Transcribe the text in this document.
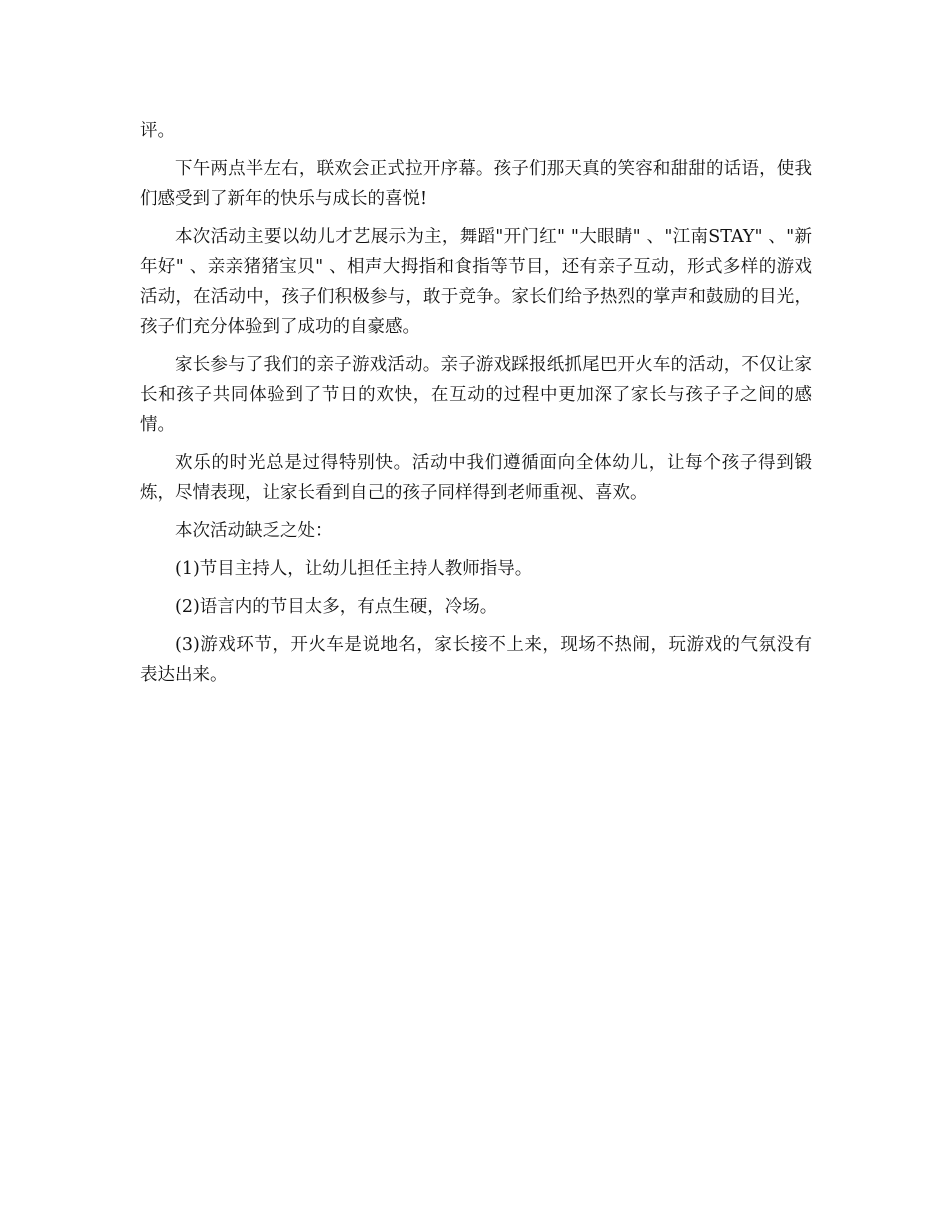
评。

下午两点半左右，联欢会正式拉开序幕。孩子们那天真的笑容和甜甜的话语，使我们感受到了新年的快乐与成长的喜悦!

本次活动主要以幼儿才艺展示为主，舞蹈"开门红" "大眼睛" 、"江南STAY" 、"新年好" 、亲亲猪猪宝贝" 、相声大拇指和食指等节目，还有亲子互动，形式多样的游戏活动，在活动中，孩子们积极参与，敢于竞争。家长们给予热烈的掌声和鼓励的目光，孩子们充分体验到了成功的自豪感。

家长参与了我们的亲子游戏活动。亲子游戏踩报纸抓尾巴开火车的活动，不仅让家长和孩子共同体验到了节日的欢快，在互动的过程中更加深了家长与孩子子之间的感情。

欢乐的时光总是过得特别快。活动中我们遵循面向全体幼儿，让每个孩子得到锻炼，尽情表现，让家长看到自己的孩子同样得到老师重视、喜欢。

本次活动缺乏之处：

(1)节目主持人，让幼儿担任主持人教师指导。

(2)语言内的节目太多，有点生硬，冷场。

(3)游戏环节，开火车是说地名，家长接不上来，现场不热闹，玩游戏的气氛没有表达出来。
